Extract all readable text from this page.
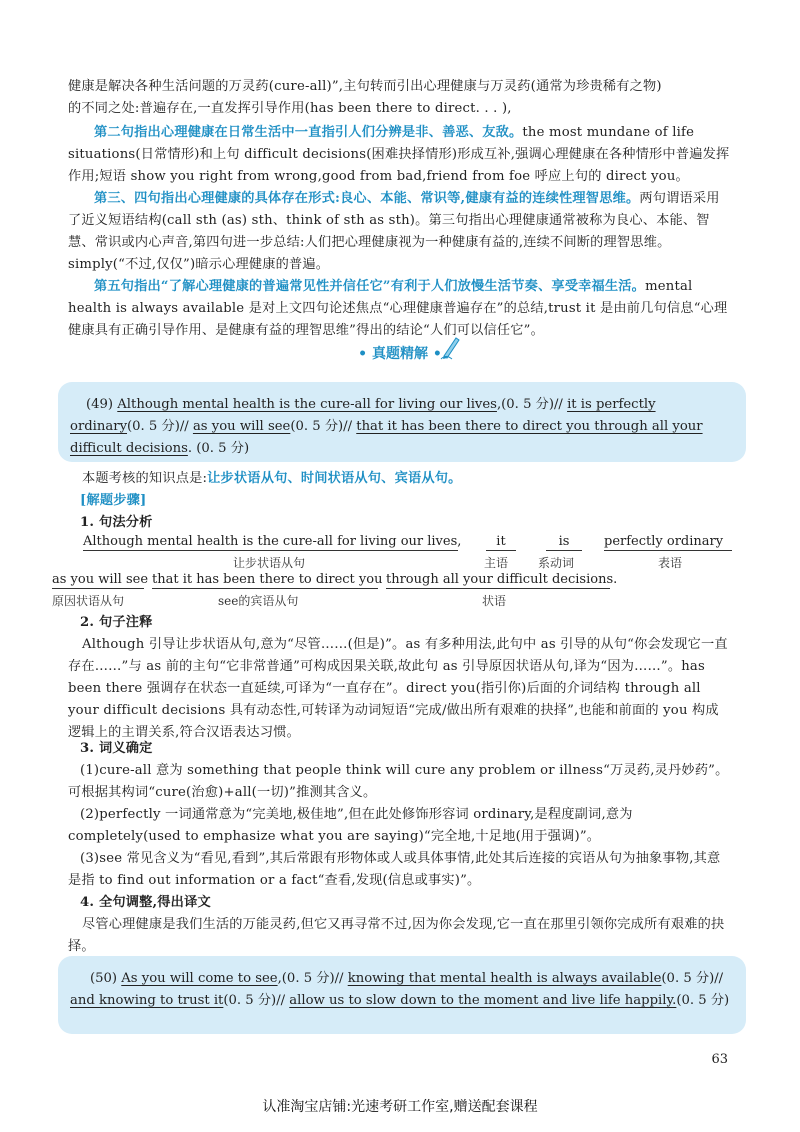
健康是解决各种生活问题的万灵药(cure-all)”,主句转而引出心理健康与万灵药(通常为珍贵稀有之物)
的不同之处:普遍存在,一直发挥引导作用(has been there to direct. . . ),
第二句指出心理健康在日常生活中一直指引人们分辨是非、善恶、友敌。the most mundane of life situations(日常情形)和上句 difficult decisions(困难抉择情形)形成互补,强调心理健康在各种情形中普遍发挥作用;短语 show you right from wrong,good from bad,friend from foe 呼应上句的 direct you。
第三、四句指出心理健康的具体存在形式:良心、本能、常识等,健康有益的连续性理智思维。两句谓语采用了近义短语结构(call sth (as) sth、think of sth as sth)。第三句指出心理健康通常被称为良心、本能、智慧、常识或内心声音,第四句进一步总结:人们把心理健康视为一种健康有益的,连续不间断的理智思维。simply(“不过,仅仅”)暗示心理健康的普遍。
第五句指出“了解心理健康的普遍常见性并信任它”有利于人们放慢生活节奏、享受幸福生活。mental health is always available 是对上文四句论述焦点“心理健康普遍存在”的总结,trust it 是由前几句信息“心理健康具有正确引导作用、是健康有益的理智思维”得出的结论“人们可以信任它”。
• 真题精解 •
(49) Although mental health is the cure-all for living our lives,(0. 5 分)// it is perfectly ordinary(0. 5 分)// as you will see(0. 5 分)// that it has been there to direct you through all your difficult decisions. (0. 5 分)
本题考核的知识点是:让步状语从句、时间状语从句、宾语从句。
[解题步骤]
1. 句法分析
Although mental health is the cure-all for living our lives,
让步状语从句
it
主语
is
系动词
perfectly ordinary
表语
as you will see
原因状语从句
that it has been there to direct you
see的宾语从句
through all your difficult decisions.
状语
2. 句子注释
Although 引导让步状语从句,意为“尽管……(但是)”。as 有多种用法,此句中 as 引导的从句“你会发现它一直存在……”与 as 前的主句“它非常普通”可构成因果关联,故此句 as 引导原因状语从句,译为“因为……”。has been there 强调存在状态一直延续,可译为“一直存在”。direct you(指引你)后面的介词结构 through all your difficult decisions 具有动态性,可转译为动词短语“完成/做出所有艰难的抉择”,也能和前面的 you 构成逻辑上的主谓关系,符合汉语表达习惯。
3. 词义确定
(1)cure-all 意为 something that people think will cure any problem or illness“万灵药,灵丹妙药”。可根据其构词“cure(治愈)+all(一切)”推测其含义。
(2)perfectly 一词通常意为“完美地,极佳地”,但在此处修饰形容词 ordinary,是程度副词,意为 completely(used to emphasize what you are saying)“完全地,十足地(用于强调)”。
(3)see 常见含义为“看见,看到”,其后常跟有形物体或人或具体事情,此处其后连接的宾语从句为抽象事物,其意是指 to find out information or a fact“查看,发现(信息或事实)”。
4. 全句调整,得出译文
尽管心理健康是我们生活的万能灵药,但它又再寻常不过,因为你会发现,它一直在那里引领你完成所有艰难的抉择。
(50) As you will come to see,(0. 5 分)// knowing that mental health is always available(0. 5 分)// and knowing to trust it(0. 5 分)// allow us to slow down to the moment and live life happily.(0. 5 分)
63
认准淘宝店铺:光速考研工作室,赠送配套课程
